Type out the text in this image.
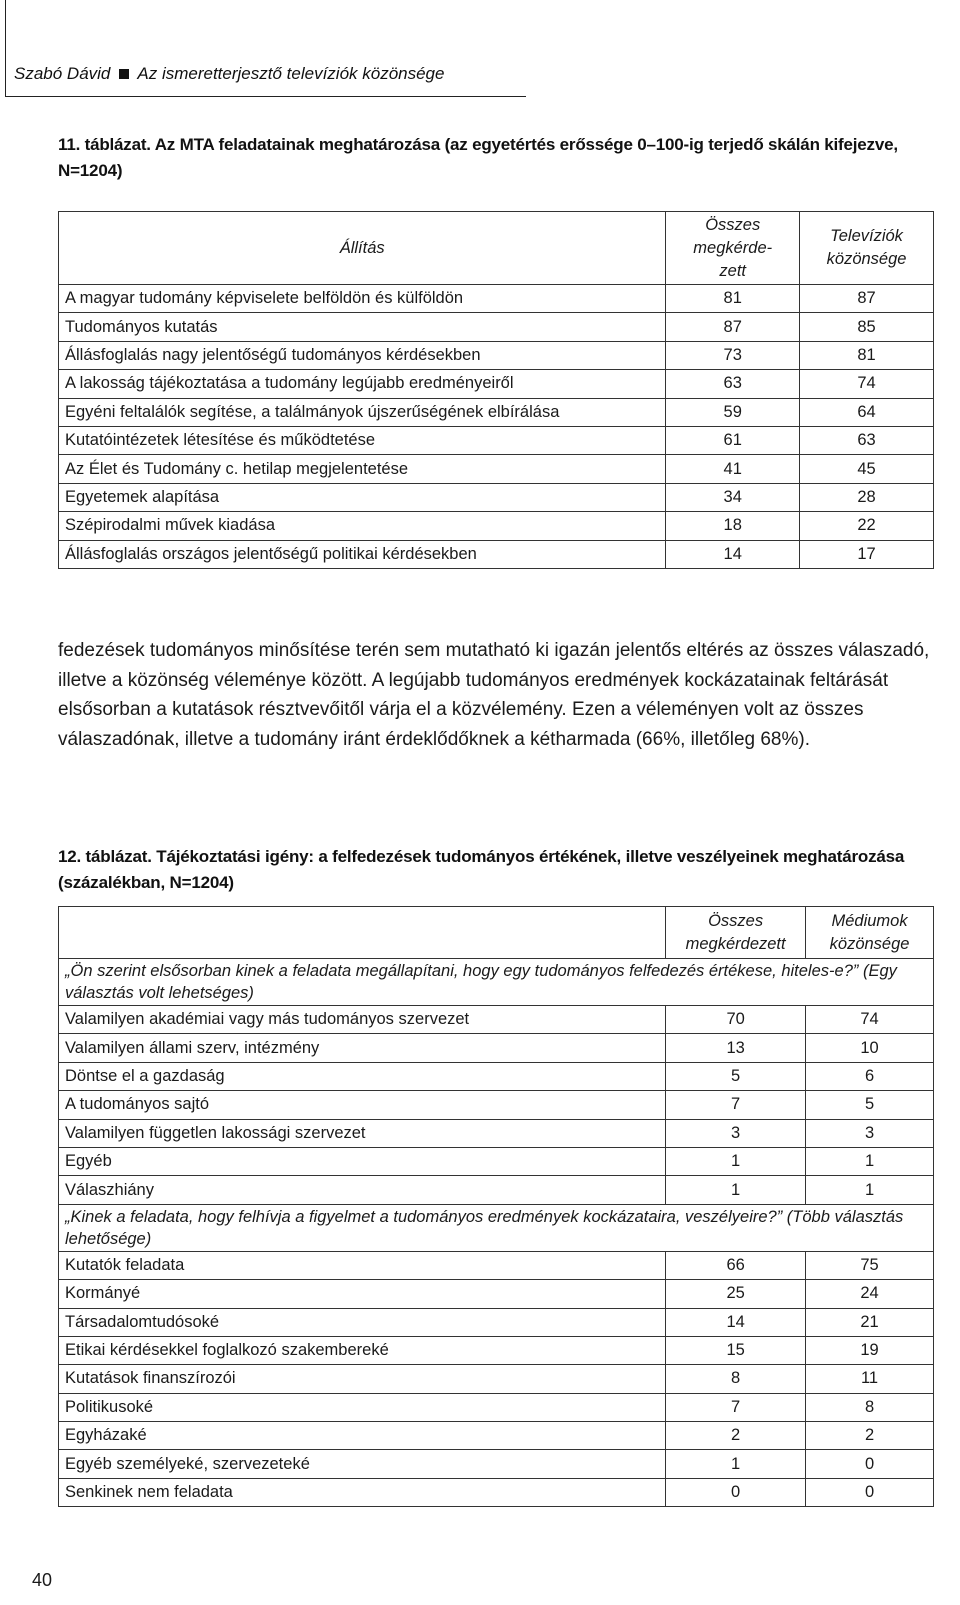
Szabó Dávid Az ismeretterjesztő televíziók közönsége
11. táblázat. Az MTA feladatainak meghatározása (az egyetértés erőssége 0–100-ig terjedő skálán kifejezve, N=1204)
Állítás	Összes megkérde-zett	Televíziók közönsége
A magyar tudomány képviselete belföldön és külföldön	81	87
Tudományos kutatás	87	85
Állásfoglalás nagy jelentőségű tudományos kérdésekben	73	81
A lakosság tájékoztatása a tudomány legújabb eredményeiről	63	74
Egyéni feltalálók segítése, a találmányok újszerűségének elbírálása	59	64
Kutatóintézetek létesítése és működtetése	61	63
Az Élet és Tudomány c. hetilap megjelentetése	41	45
Egyetemek alapítása	34	28
Szépirodalmi művek kiadása	18	22
Állásfoglalás országos jelentőségű politikai kérdésekben	14	17
fedezések tudományos minősítése terén sem mutatható ki igazán jelentős eltérés az összes válaszadó, illetve a közönség véleménye között. A legújabb tudományos eredmények kockázatainak feltárását elsősorban a kutatások résztvevőitől várja el a közvélemény. Ezen a véleményen volt az összes válaszadónak, illetve a tudomány iránt érdeklődőknek a kétharmada (66%, illetőleg 68%).
12. táblázat. Tájékoztatási igény: a felfedezések tudományos értékének, illetve veszélyeinek meghatározása (százalékban, N=1204)
	Összes megkérdezett	Médiumok közönsége
„Ön szerint elsősorban kinek a feladata megállapítani, hogy egy tudományos felfedezés értékese, hiteles-e?” (Egy választás volt lehetséges)		
Valamilyen akadémiai vagy más tudományos szervezet	70	74
Valamilyen állami szerv, intézmény	13	10
Döntse el a gazdaság	5	6
A tudományos sajtó	7	5
Valamilyen független lakossági szervezet	3	3
Egyéb	1	1
Válaszhiány	1	1
„Kinek a feladata, hogy felhívja a figyelmet a tudományos eredmények kockázataira, veszélyeire?” (Több választás lehetősége)		
Kutatók feladata	66	75
Kormányé	25	24
Társadalomtudósoké	14	21
Etikai kérdésekkel foglalkozó szakembereké	15	19
Kutatások finanszírozói	8	11
Politikusoké	7	8
Egyházaké	2	2
Egyéb személyeké, szervezeteké	1	0
Senkinek nem feladata	0	0
40
